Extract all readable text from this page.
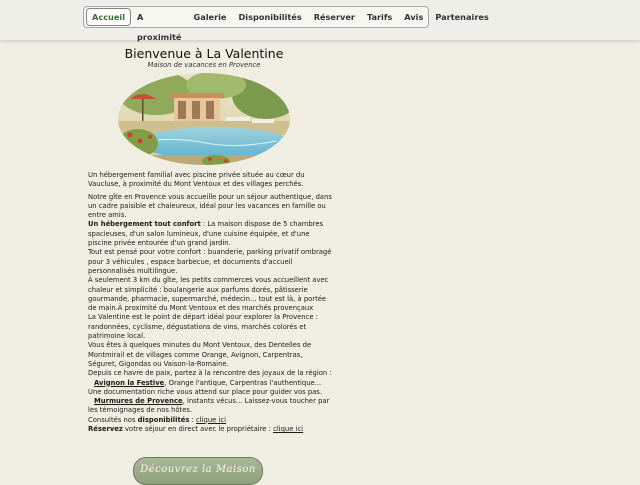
Accueil	A proximité
Galerie	Disponibilités	Réserver	Tarifs	Avis	Partenaires
Bienvenue à La Valentine
Maison de vacances en Provence

Un hébergement familial avec piscine privée située au cœur du Vaucluse, à proximité du Mont Ventoux et des villages perchés.

Notre gîte en Provence vous accueille pour un séjour authentique, dans un cadre paisible et chaleureux, idéal pour les vacances en famille ou entre amis.

Un hébergement tout confort : La maison dispose de 5 chambres spacieuses, d'un salon lumineux, d'une cuisine équipée, et d'une piscine privée entourée d'un grand jardin.

Tout est pensé pour votre confort : buanderie, parking privatif ombragé pour 3 véhicules , espace barbecue, et documents d'accueil personnalisés multilingue.

À seulement 3 km du gîte, les petits commerces vous accueillent avec chaleur et simplicité : boulangerie aux parfums dorés, pâtisserie gourmande, pharmacie, supermarché, médecin... tout est là, à portée de main.À proximité du Mont Ventoux et des marchés provençaux

La Valentine est le point de départ idéal pour explorer la Provence : randonnées, cyclisme, dégustations de vins, marchés colorés et patrimoine local.

Vous êtes à quelques minutes du Mont Ventoux, des Dentelles de Montmirail et de villages comme Orange, Avignon, Carpentras, Séguret, Gigondas ou Vaison-la-Romaine.

Depuis ce havre de paix, partez à la rencontre des joyaux de la région :

Avignon la Festive, Orange l'antique, Carpentras l'authentique... Une documentation riche vous attend sur place pour guider vos pas.

Murmures de Provence, instants vécus... Laissez-vous toucher par les témoignages de nos hôtes.

Consultés nos disponibilités : clique ici

Réservez votre séjour en direct avec le propriétaire : clique ici

Découvrez la Maison
